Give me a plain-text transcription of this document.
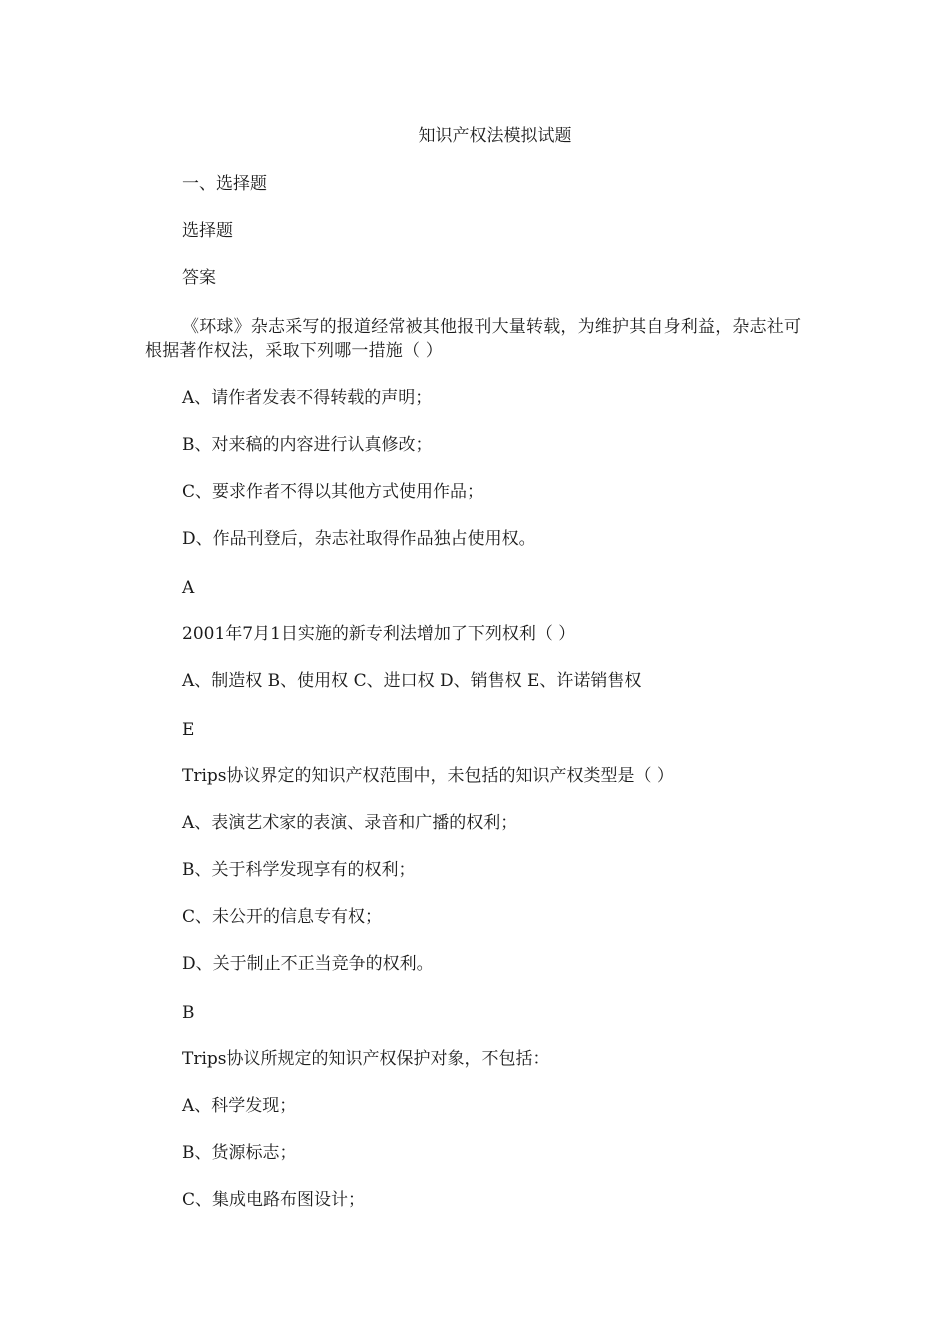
知识产权法模拟试题
一、选择题
选择题
答案
《环球》杂志采写的报道经常被其他报刊大量转载，为维护其自身利益，杂志社可根据著作权法，采取下列哪一措施（ ）
A、请作者发表不得转载的声明；
B、对来稿的内容进行认真修改；
C、要求作者不得以其他方式使用作品；
D、作品刊登后，杂志社取得作品独占使用权。
A
2001年7月1日实施的新专利法增加了下列权利（ ）
A、制造权 B、使用权 C、进口权 D、销售权 E、许诺销售权
E
Trips协议界定的知识产权范围中，未包括的知识产权类型是（ ）
A、表演艺术家的表演、录音和广播的权利；
B、关于科学发现享有的权利；
C、未公开的信息专有权；
D、关于制止不正当竞争的权利。
B
Trips协议所规定的知识产权保护对象，不包括：
A、科学发现；
B、货源标志；
C、集成电路布图设计；
